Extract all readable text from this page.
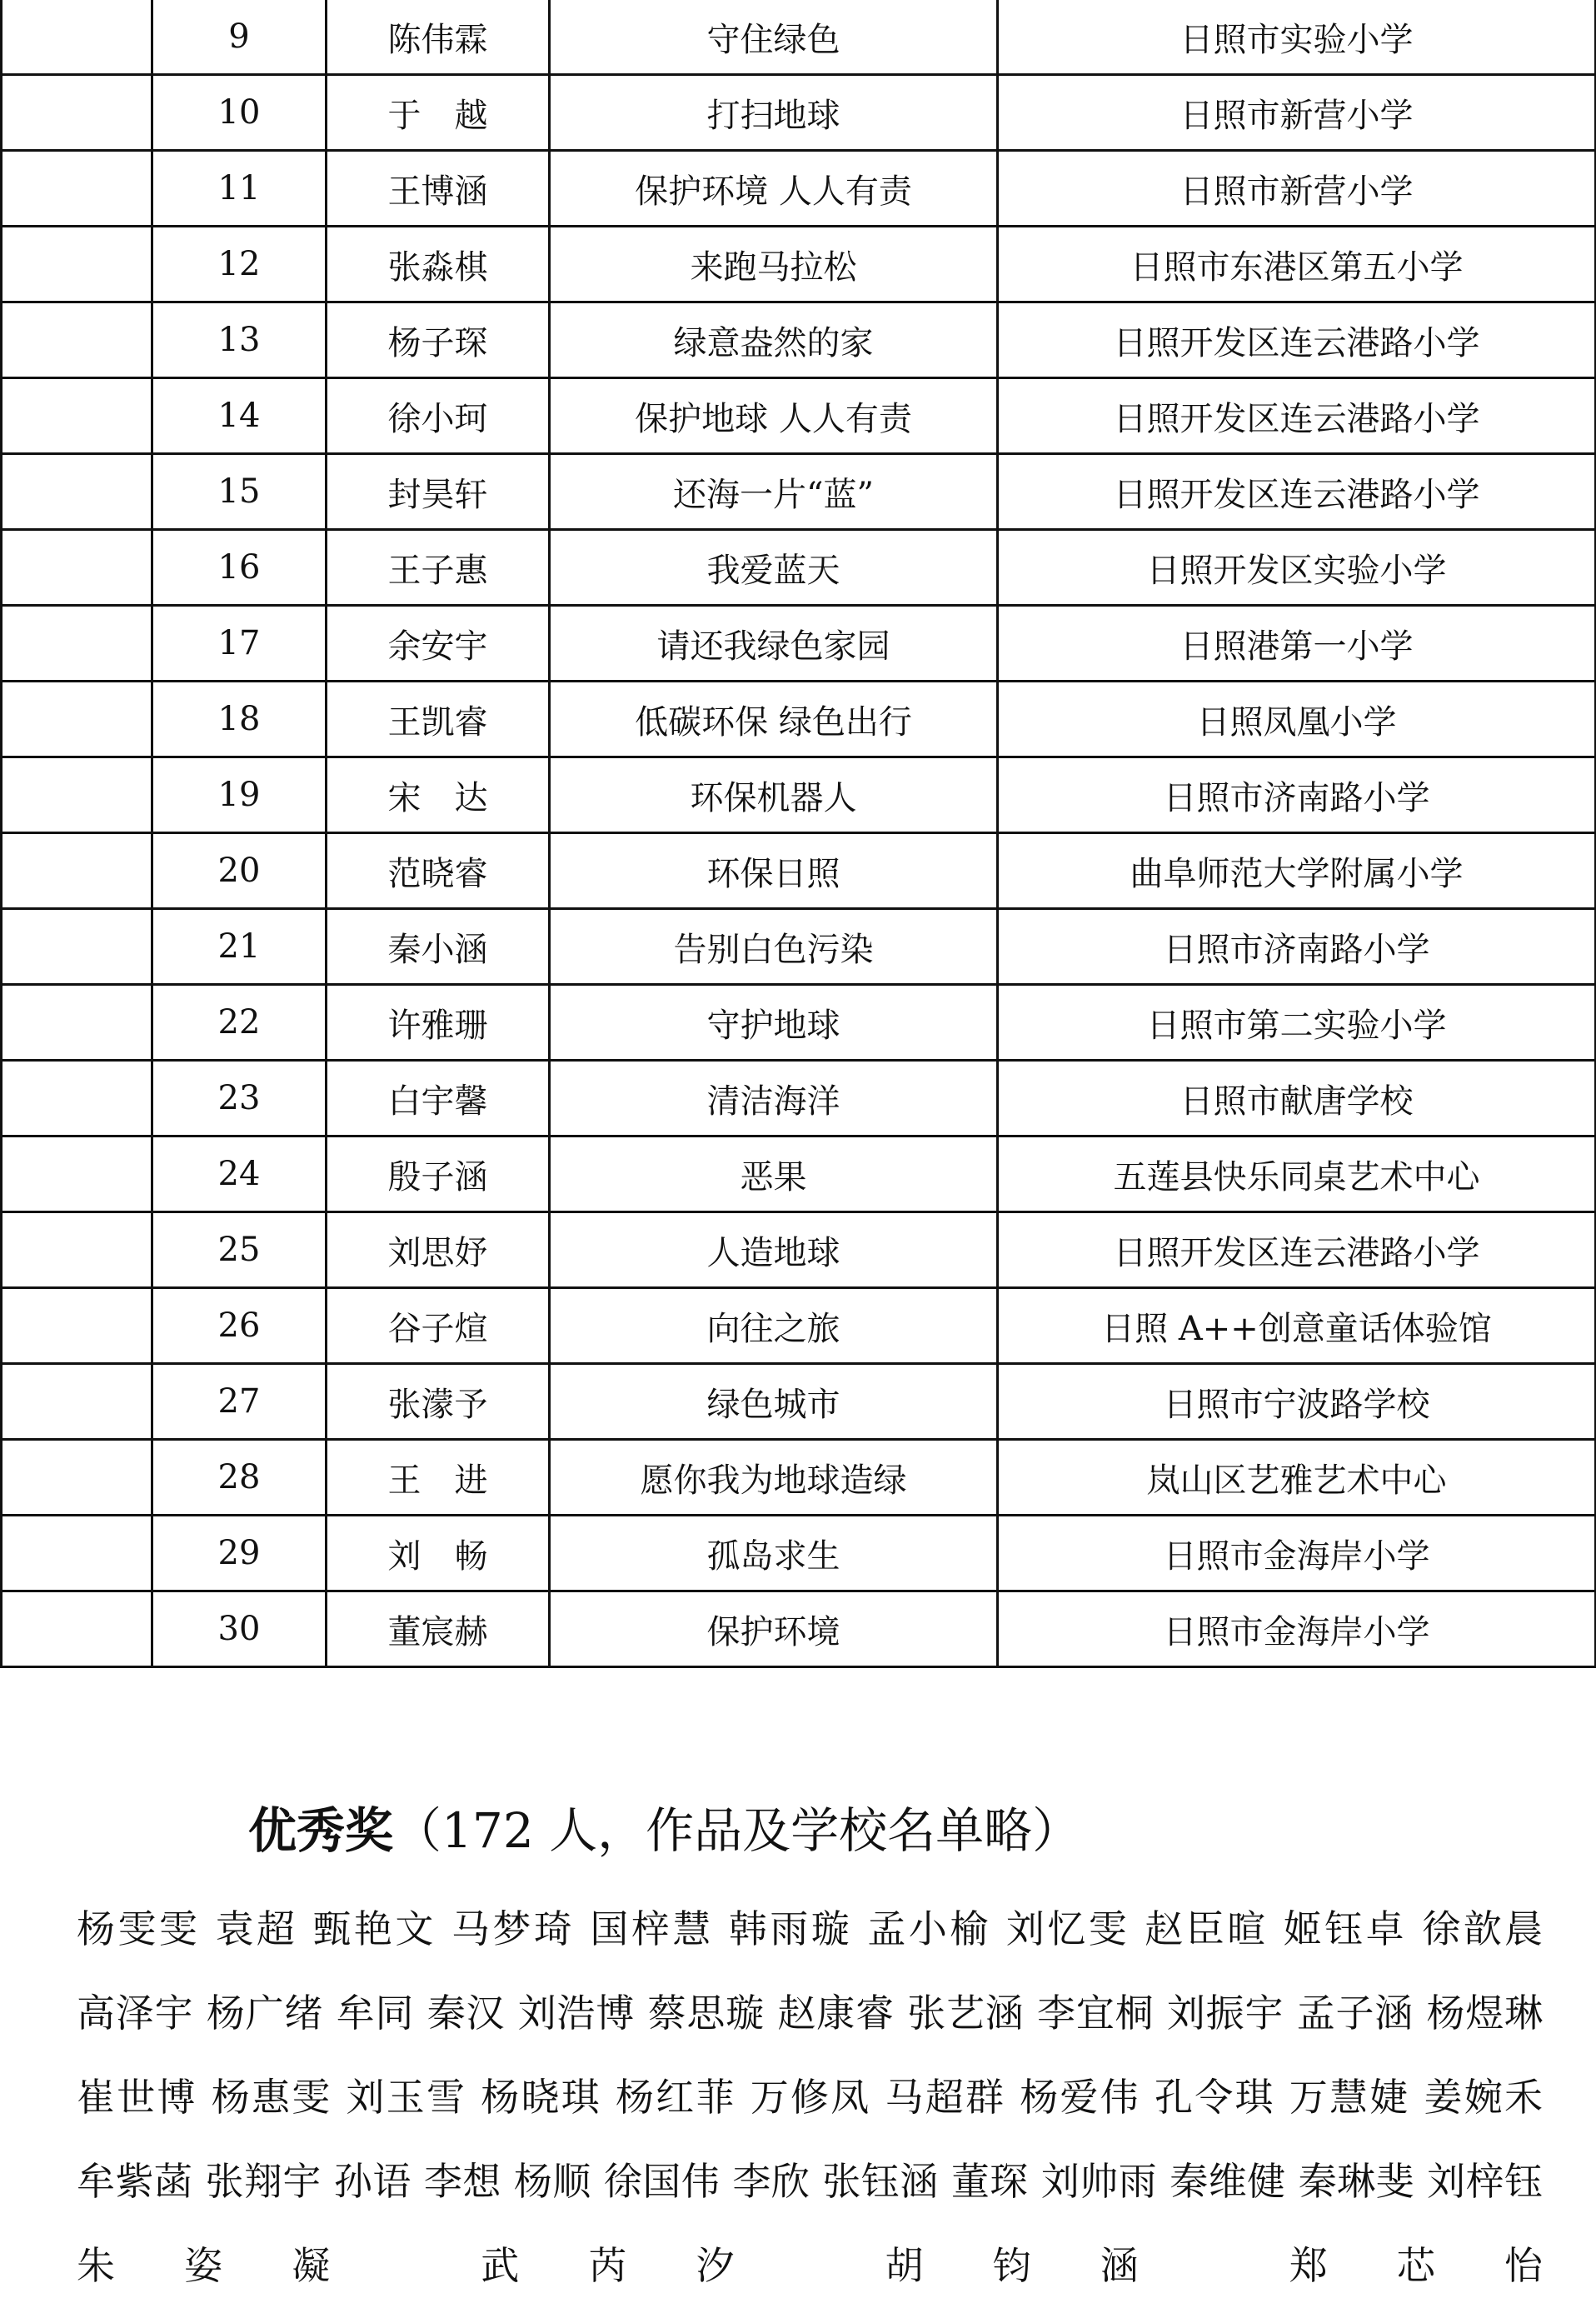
	9	陈伟霖	守住绿色	日照市实验小学
	10	于　越	打扫地球	日照市新营小学
	11	王博涵	保护环境 人人有责	日照市新营小学
	12	张淼棋	来跑马拉松	日照市东港区第五小学
	13	杨子琛	绿意盎然的家	日照开发区连云港路小学
	14	徐小珂	保护地球 人人有责	日照开发区连云港路小学
	15	封昊轩	还海一片“蓝”	日照开发区连云港路小学
	16	王子惠	我爱蓝天	日照开发区实验小学
	17	余安宇	请还我绿色家园	日照港第一小学
	18	王凯睿	低碳环保 绿色出行	日照凤凰小学
	19	宋　达	环保机器人	日照市济南路小学
	20	范晓睿	环保日照	曲阜师范大学附属小学
	21	秦小涵	告别白色污染	日照市济南路小学
	22	许雅珊	守护地球	日照市第二实验小学
	23	白宇馨	清洁海洋	日照市献唐学校
	24	殷子涵	恶果	五莲县快乐同桌艺术中心
	25	刘思妤	人造地球	日照开发区连云港路小学
	26	谷子煊	向往之旅	日照 A++创意童话体验馆
	27	张濛予	绿色城市	日照市宁波路学校
	28	王　进	愿你我为地球造绿	岚山区艺雅艺术中心
	29	刘　畅	孤岛求生	日照市金海岸小学
	30	董宸赫	保护环境	日照市金海岸小学
优秀奖（172 人，作品及学校名单略）
杨雯雯 袁超 甄艳文 马梦琦 国梓慧 韩雨璇 孟小榆 刘忆雯 赵臣暄 姬钰卓 徐歆晨 高泽宇 杨广绪 牟同 秦汉 刘浩博 蔡思璇 赵康睿 张艺涵 李宜桐 刘振宇 孟子涵 杨煜琳 崔世博 杨惠雯 刘玉雪 杨晓琪 杨红菲 万修凤 马超群 杨爱伟 孔令琪 万慧婕 姜婉禾 牟紫菡 张翔宇 孙语 李想 杨顺 徐国伟 李欣 张钰涵 董琛 刘帅雨 秦维健 秦琳斐 刘梓钰 朱姿凝 武芮汐 胡钧涵 郑芯怡
